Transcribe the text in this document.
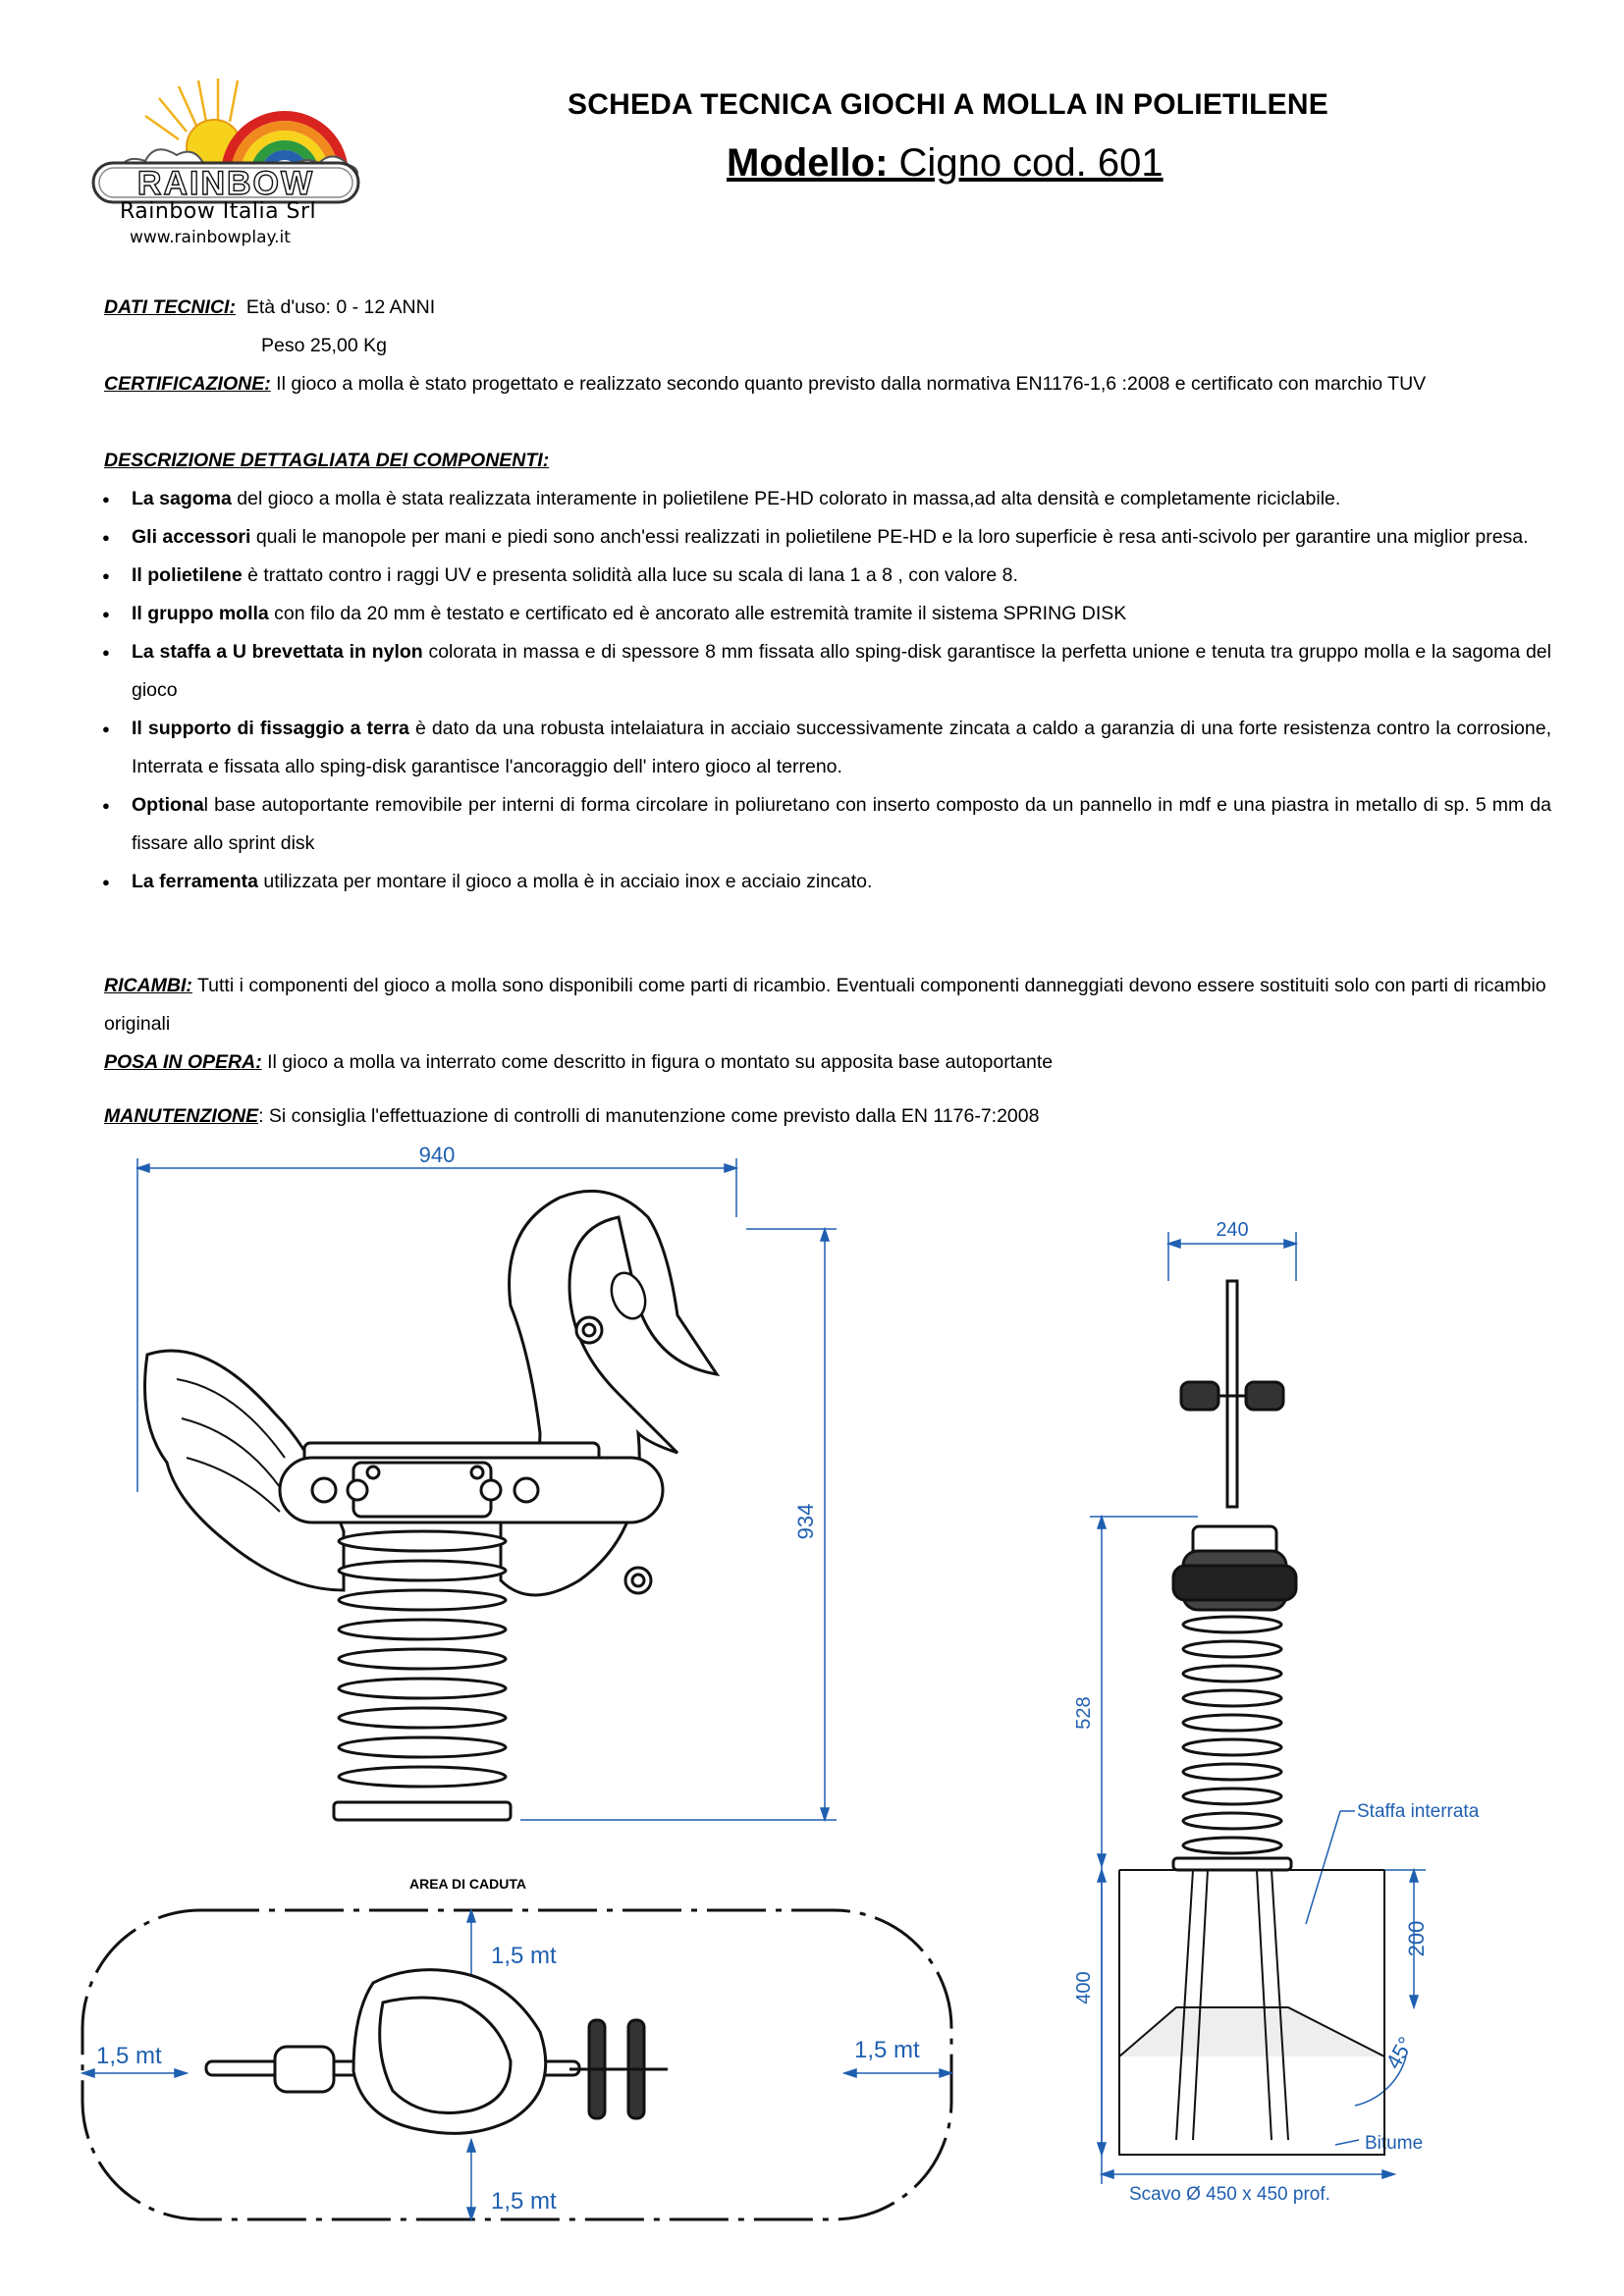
RAINBOW
Rainbow Italia Srl
www.rainbowplay.it
SCHEDA TECNICA GIOCHI A MOLLA IN POLIETILENE
Modello: Cigno cod. 601
DATI TECNICI: Età d'uso: 0 - 12 ANNI
Peso 25,00 Kg
CERTIFICAZIONE: Il gioco a molla è stato progettato e realizzato secondo quanto previsto dalla normativa EN1176-1,6 :2008 e certificato con marchio TUV
DESCRIZIONE DETTAGLIATA DEI COMPONENTI:
● La sagoma del gioco a molla è stata realizzata interamente in polietilene PE-HD colorato in massa,ad alta densità e completamente riciclabile.
● Gli accessori quali le manopole per mani e piedi sono anch'essi realizzati in polietilene PE-HD e la loro superficie è resa anti-scivolo per garantire una miglior presa.
● Il polietilene è trattato contro i raggi UV e presenta solidità alla luce su scala di lana 1 a 8 , con valore 8.
● Il gruppo molla con filo da 20 mm è testato e certificato ed è ancorato alle estremità tramite il sistema SPRING DISK
● La staffa a U brevettata in nylon colorata in massa e di spessore 8 mm fissata allo sping-disk garantisce la perfetta unione e tenuta tra gruppo molla e la sagoma del gioco
● Il supporto di fissaggio a terra è dato da una robusta intelaiatura in acciaio successivamente zincata a caldo a garanzia di una forte resistenza contro la corrosione, Interrata e fissata allo sping-disk garantisce l'ancoraggio dell' intero gioco al terreno.
● Optional base autoportante removibile per interni di forma circolare in poliuretano con inserto composto da un pannello in mdf e una piastra in metallo di sp. 5 mm da fissare allo sprint disk
● La ferramenta utilizzata per montare il gioco a molla è in acciaio inox e acciaio zincato.
RICAMBI: Tutti i componenti del gioco a molla sono disponibili come parti di ricambio. Eventuali componenti danneggiati devono essere sostituiti solo con parti di ricambio originali
POSA IN OPERA: Il gioco a molla va interrato come descritto in figura o montato su apposita base autoportante
MANUTENZIONE: Si consiglia l'effettuazione di controlli di manutenzione come previsto dalla EN 1176-7:2008
940
934
240
528
400
200
45°
Staffa interrata
Bitume
Scavo Ø 450 x 450 prof.
AREA DI CADUTA
1,5 mt
1,5 mt	1,5 mt
1,5 mt
